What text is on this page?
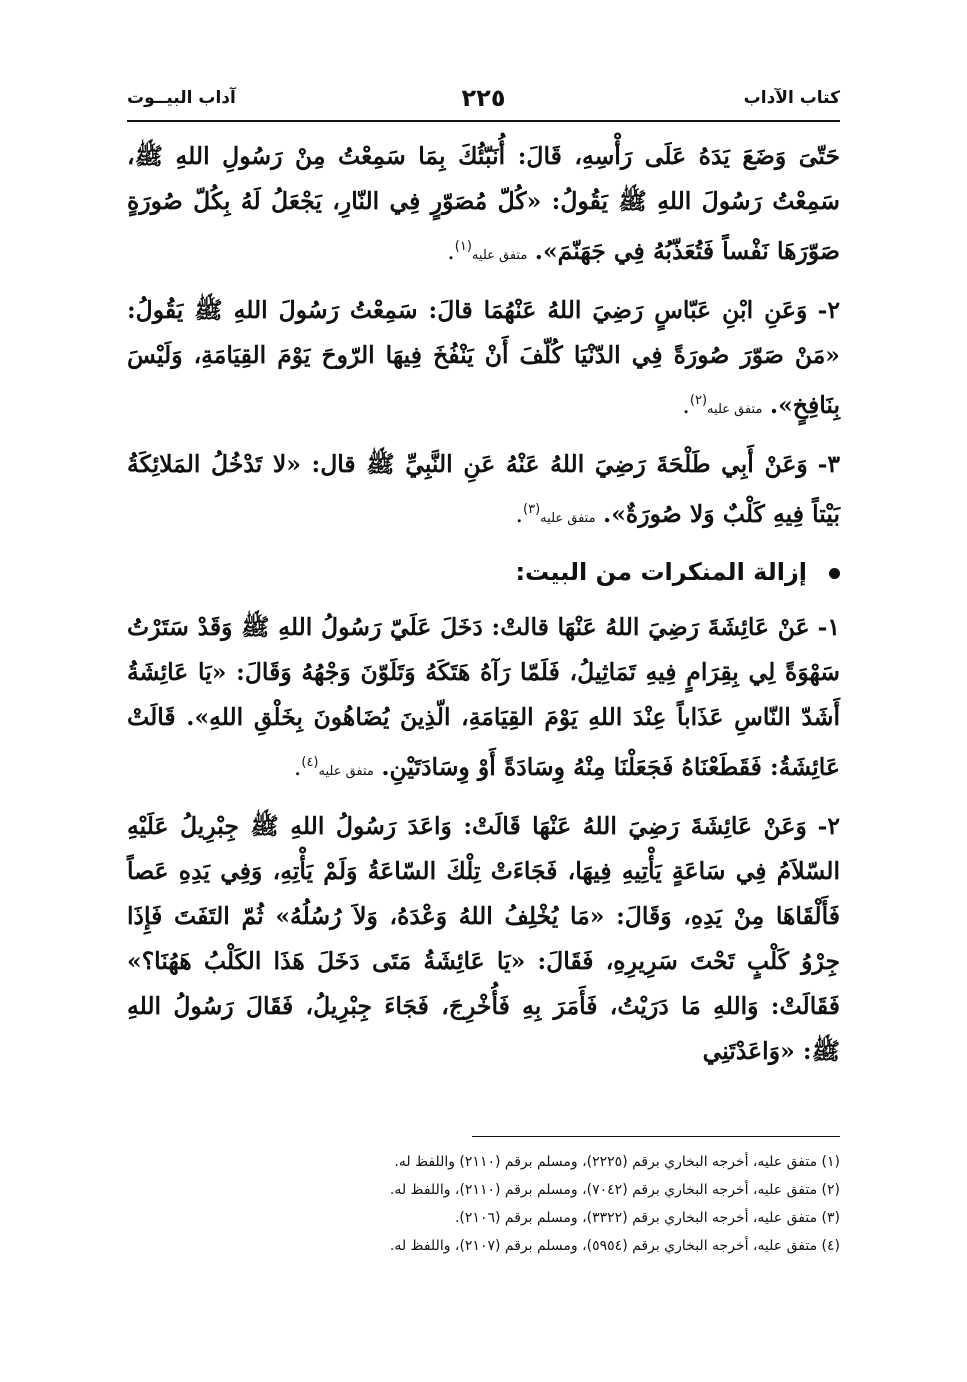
كتاب الآداب
٢٢٥
آداب البيــوت

حَتّىَ وَضَعَ يَدَهُ عَلَى رَأْسِهِ، قَالَ: أُنَبّئُكَ بِمَا سَمِعْتُ مِنْ رَسُولِ اللهِ ﷺ، سَمِعْتُ رَسُولَ اللهِ ﷺ يَقُولُ: «كُلّ مُصَوّرٍ فِي النّارِ، يَجْعَلُ لَهُ بِكُلّ صُورَةٍ صَوّرَهَا نَفْساً فَتُعَذّبُهُ فِي جَهَنّمَ». متفق عليه$^{(١)}$.

٢- وَعَنِ ابْنِ عَبّاسٍ رَضِيَ اللهُ عَنْهُمَا قالَ: سَمِعْتُ رَسُولَ اللهِ ﷺ يَقُولُ: «مَنْ صَوّرَ صُورَةً فِي الدّنْيَا كُلّفَ أَنْ يَنْفُخَ فِيهَا الرّوحَ يَوْمَ القِيَامَةِ، وَلَيْسَ بِنَافِخٍ». متفق عليه$^{(٢)}$.

٣- وَعَنْ أَبِي طَلْحَةَ رَضِيَ اللهُ عَنْهُ عَنِ النَّبِيِّ ﷺ قال: «لا تَدْخُلُ المَلائِكَةُ بَيْتاً فِيهِ كَلْبٌ وَلا صُورَةٌ». متفق عليه$^{(٣)}$.

إزالة المنكرات من البيت:

١- عَنْ عَائِشَةَ رَضِيَ اللهُ عَنْهَا قالتْ: دَخَلَ عَلَيّ رَسُولُ اللهِ ﷺ وَقَدْ سَتَرْتُ سَهْوَةً لِي بِقِرَامٍ فِيهِ تَمَاثِيلُ، فَلَمّا رَآهُ هَتَكَهُ وَتَلَوّنَ وَجْهُهُ وَقَالَ: «يَا عَائِشَةُ أَشَدّ النّاسِ عَذَاباً عِنْدَ اللهِ يَوْمَ القِيَامَةِ، الّذِينَ يُضَاهُونَ بِخَلْقِ اللهِ». قَالَتْ عَائِشَةُ: فَقَطَعْنَاهُ فَجَعَلْنَا مِنْهُ وِسَادَةً أَوْ وِسَادَتَيْنِ. متفق عليه$^{(٤)}$.

٢- وَعَنْ عَائِشَةَ رَضِيَ اللهُ عَنْهَا قَالَتْ: وَاعَدَ رَسُولُ اللهِ ﷺ جِبْرِيلُ عَلَيْهِ السّلاَمُ فِي سَاعَةٍ يَأْتِيهِ فِيهَا، فَجَاءَتْ تِلْكَ السّاعَةُ وَلَمْ يَأْتِهِ، وَفِي يَدِهِ عَصاً فَأَلْقَاهَا مِنْ يَدِهِ، وَقَالَ: «مَا يُخْلِفُ اللهُ وَعْدَهُ، وَلاَ رُسُلُهُ» ثُمّ التَفَتَ فَإِذَا جِرْوُ كَلْبٍ تَحْتَ سَرِيرِهِ، فَقَالَ: «يَا عَائِشَةُ مَتَى دَخَلَ هَذَا الكَلْبُ هَهُنَا؟» فَقَالَتْ: وَاللهِ مَا دَرَيْتُ، فَأَمَرَ بِهِ فَأُخْرِجَ، فَجَاءَ جِبْرِيلُ، فَقَالَ رَسُولُ اللهِ ﷺ: «وَاعَدْتَنِي

(١) متفق عليه، أخرجه البخاري برقم (٢٢٢٥)، ومسلم برقم (٢١١٠) واللفظ له.

(٢) متفق عليه، أخرجه البخاري برقم (٧٠٤٢)، ومسلم برقم (٢١١٠)، واللفظ له.

(٣) متفق عليه، أخرجه البخاري برقم (٣٣٢٢)، ومسلم برقم (٢١٠٦).

(٤) متفق عليه، أخرجه البخاري برقم (٥٩٥٤)، ومسلم برقم (٢١٠٧)، واللفظ له.
